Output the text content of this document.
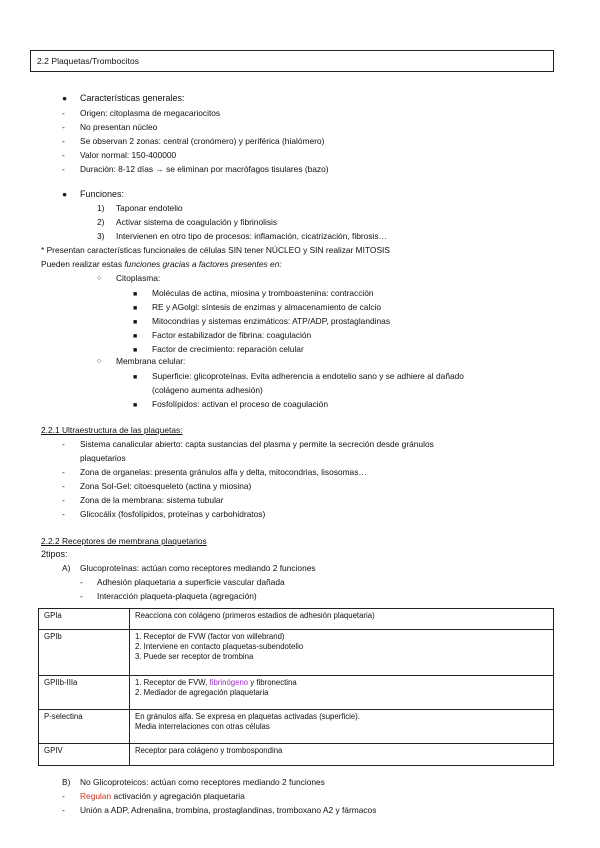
2.2 Plaquetas/Trombocitos
● Características generales:
- Origen: citoplasma de megacariocitos
- No presentan núcleo
- Se observan 2 zonas: central (cronómero) y periférica (hialómero)
- Valor normal: 150-400000
- Duración: 8-12 días → se eliminan por macrófagos tisulares (bazo)
● Funciones:
1) Taponar endotelio
2) Activar sistema de coagulación y fibrinolisis
3) Intervienen en otro tipo de procesos: inflamación, cicatrización, fibrosis…
* Presentan características funcionales de células SIN tener NÚCLEO y SIN realizar MITOSIS
Pueden realizar estas funciones gracias a factores presentes en:
○ Citoplasma:
■ Moléculas de actina, miosina y tromboastenina: contracción
■ RE y AGolgi: síntesis de enzimas y almacenamiento de calcio
■ Mitocondrias y sistemas enzimáticos: ATP/ADP, prostaglandinas
■ Factor estabilizador de fibrina: coagulación
■ Factor de crecimiento: reparación celular
○ Membrana celular:
■ Superficie: glicoproteínas. Evita adherencia a endotelio sano y se adhiere al dañado
(colágeno aumenta adhesión)
■ Fosfolípidos: activan el proceso de coagulación
2.2.1 Ultraestructura de las plaquetas:
- Sistema canalicular abierto: capta sustancias del plasma y permite la secreción desde gránulos
plaquetarios
- Zona de organelas: presenta gránulos alfa y delta, mitocondrias, lisosomas…
- Zona Sol-Gel: citoesqueleto (actina y miosina)
- Zona de la membrana: sistema tubular
- Glicocálix (fosfolípidos, proteínas y carbohidratos)
2.2.2 Receptores de membrana plaquetarios
2tipos:
A) Glucoproteínas: actúan como receptores mediando 2 funciones
- Adhesión plaquetaria a superficie vascular dañada
- Interacción plaqueta-plaqueta (agregación)
GPIa	Reacciona con colágeno (primeros estadios de adhesión plaquetaria)
GPIb	1. Receptor de FVW (factor von willebrand)
2. Interviene en contacto plaquetas-subendotelio
3. Puede ser receptor de trombina

GPIIb-IIIa	1. Receptor de FVW, fibrinógeno y fibronectina
2. Mediador de agregación plaquetaria

P-selectina	En gránulos alfa. Se expresa en plaquetas activadas (superficie).
Media interrelaciones con otras células

GPIV	Receptor para colágeno y trombospondina
B) No Glicoproteicos: actúan como receptores mediando 2 funciones
- Regulan activación y agregación plaquetaria
- Unión a ADP, Adrenalina, trombina, prostaglandinas, tromboxano A2 y fármacos
